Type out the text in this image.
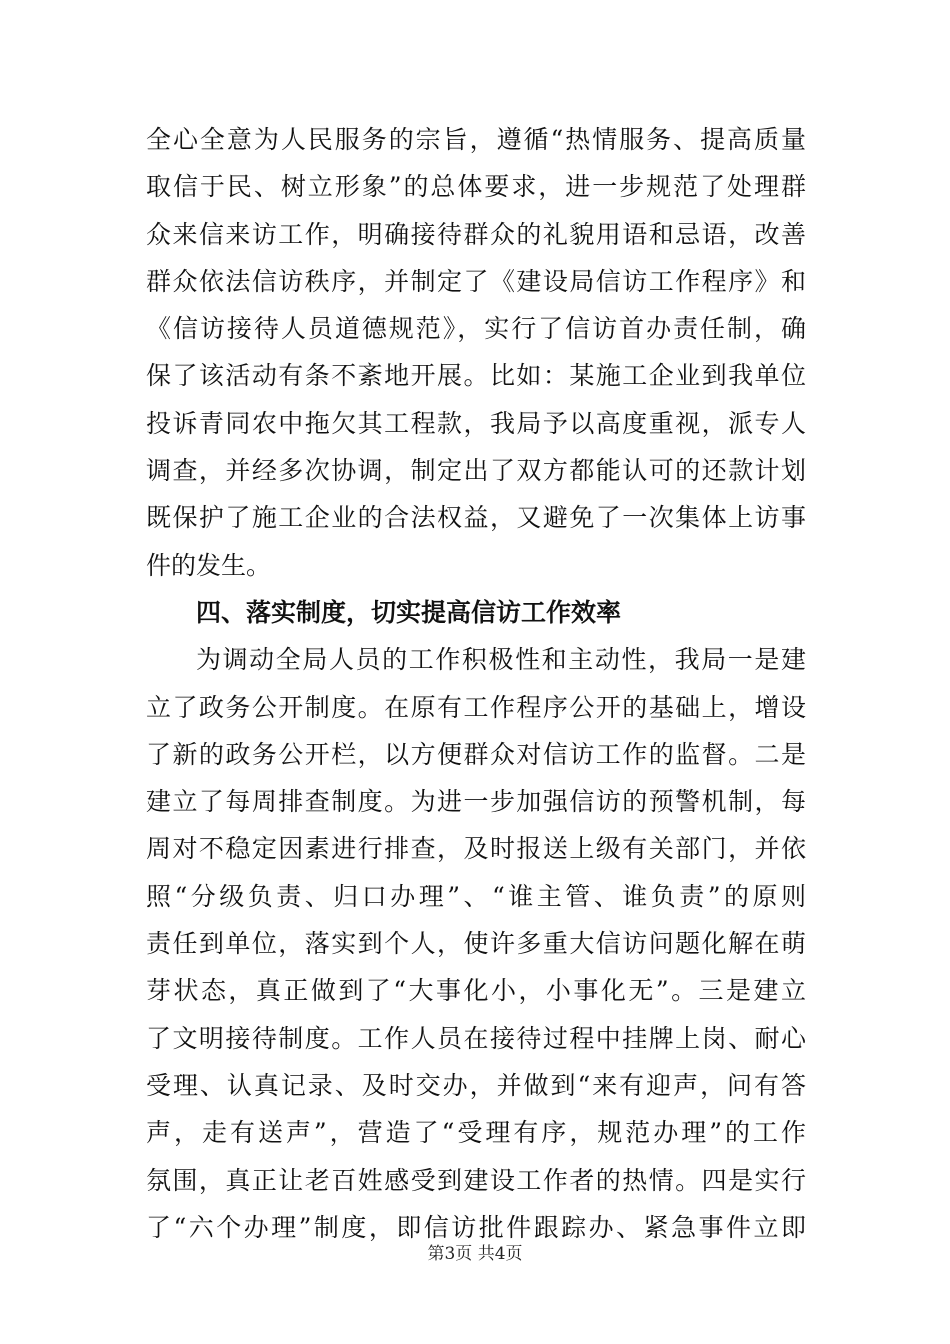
全心全意为人民服务的宗旨，遵循“热情服务、提高质量
取信于民、树立形象”的总体要求，进一步规范了处理群
众来信来访工作，明确接待群众的礼貌用语和忌语，改善
群众依法信访秩序，并制定了《建设局信访工作程序》和
《信访接待人员道德规范》，实行了信访首办责任制，确
保了该活动有条不紊地开展。比如：某施工企业到我单位
投诉青同农中拖欠其工程款，我局予以高度重视，派专人
调查，并经多次协调，制定出了双方都能认可的还款计划
既保护了施工企业的合法权益，又避免了一次集体上访事
件的发生。
四、落实制度，切实提高信访工作效率
为调动全局人员的工作积极性和主动性，我局一是建
立了政务公开制度。在原有工作程序公开的基础上，增设
了新的政务公开栏，以方便群众对信访工作的监督。二是
建立了每周排查制度。为进一步加强信访的预警机制，每
周对不稳定因素进行排查，及时报送上级有关部门，并依
照“分级负责、归口办理”、“谁主管、谁负责”的原则
责任到单位，落实到个人，使许多重大信访问题化解在萌
芽状态，真正做到了“大事化小，小事化无”。三是建立
了文明接待制度。工作人员在接待过程中挂牌上岗、耐心
受理、认真记录、及时交办，并做到“来有迎声，问有答
声，走有送声”，营造了“受理有序，规范办理”的工作
氛围，真正让老百姓感受到建设工作者的热情。四是实行
了“六个办理”制度，即信访批件跟踪办、紧急事件立即
第3页 共4页
